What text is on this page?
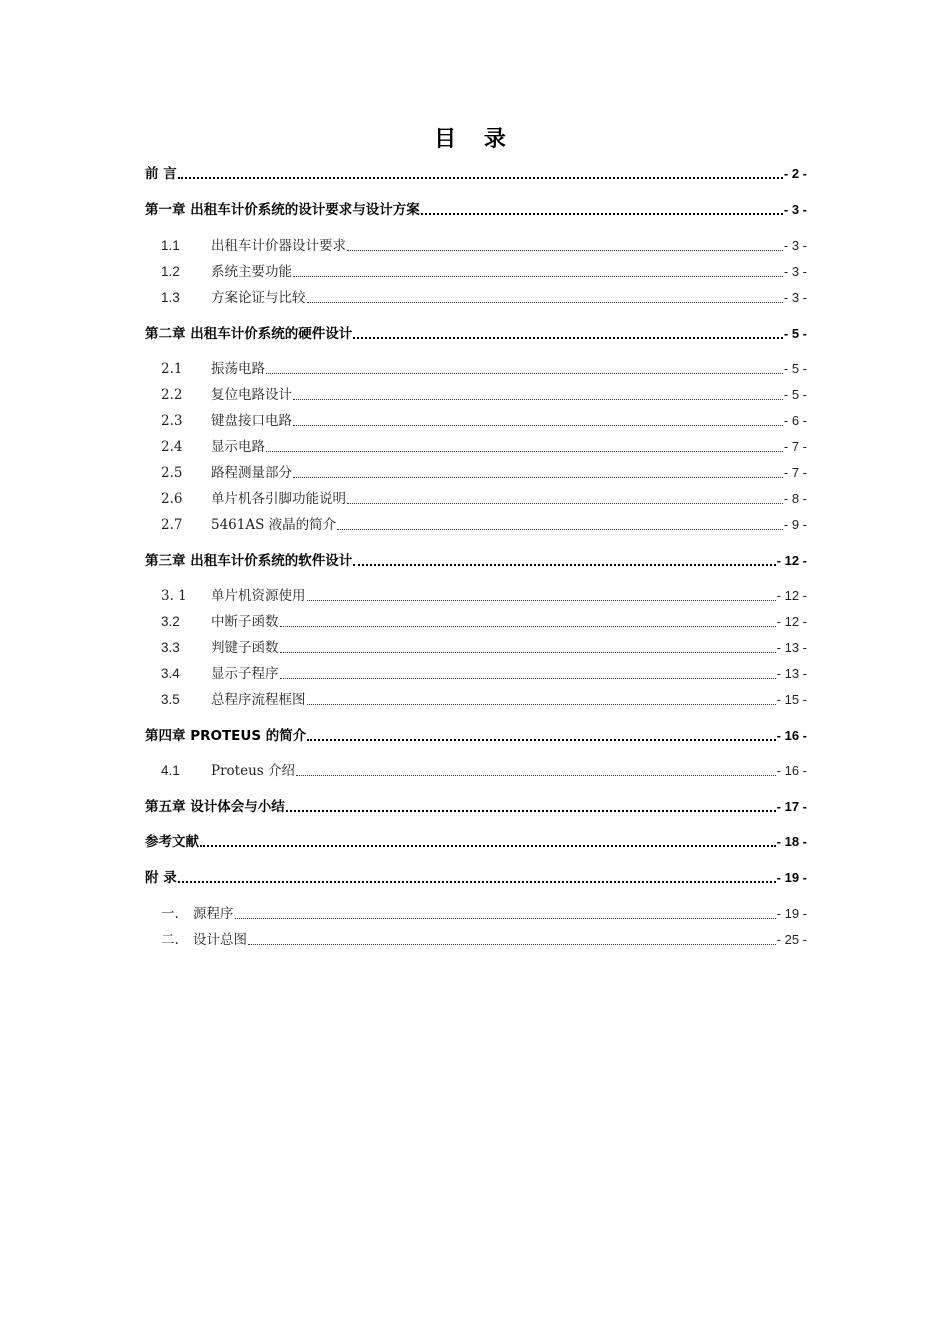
目 录
前 言	- 2 -
第一章 出租车计价系统的设计要求与设计方案	- 3 -
1.1	出租车计价器设计要求	- 3 -
1.2	系统主要功能	- 3 -
1.3	方案论证与比较	- 3 -
第二章 出租车计价系统的硬件设计	- 5 -
2.1	振荡电路	- 5 -
2.2	复位电路设计	- 5 -
2.3	键盘接口电路	- 6 -
2.4	显示电路	- 7 -
2.5	路程测量部分	- 7 -
2.6	单片机各引脚功能说明	- 8 -
2.7	5461AS 液晶的简介	- 9 -
第三章 出租车计价系统的软件设计	- 12 -
3. 1	单片机资源使用	- 12 -
3.2	中断子函数	- 12 -
3.3	判键子函数	- 13 -
3.4	显示子程序	- 13 -
3.5	总程序流程框图	- 15 -
第四章 PROTEUS 的简介	- 16 -
4.1	Proteus 介绍	- 16 -
第五章 设计体会与小结	- 17 -
参考文献	- 18 -
附 录	- 19 -
一.	源程序	- 19 -
二.	设计总图	- 25 -
